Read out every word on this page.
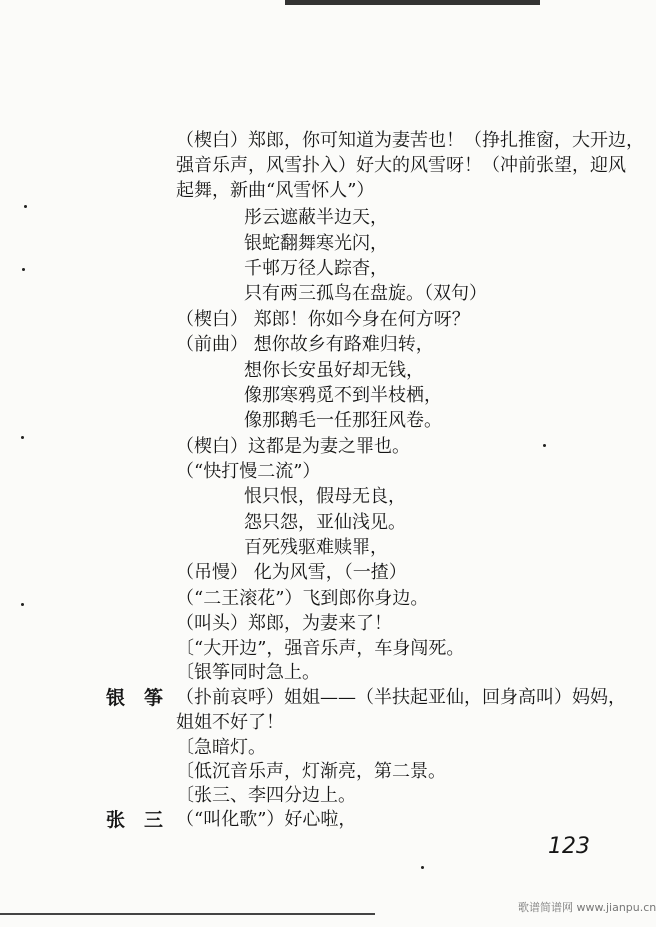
（楔白）郑郎，你可知道为妻苦也！（挣扎推窗，大开边，
强音乐声，风雪扑入）好大的风雪呀！（冲前张望，迎风
起舞，新曲“风雪怀人”）
彤云遮蔽半边天，
银蛇翻舞寒光闪，
千邨万径人踪杳，
只有两三孤鸟在盘旋。（双句）
（楔白） 郑郎！你如今身在何方呀？
（前曲） 想你故乡有路难归转，
想你长安虽好却无钱，
像那寒鸦觅不到半枝栖，
像那鹅毛一任那狂风卷。
（楔白）这都是为妻之罪也。
（“快打慢二流”）
恨只恨，假母无良，
怨只怨，亚仙浅见。
百死残驱难赎罪，
（吊慢） 化为风雪，（一揸）
（“二王滚花”）飞到郎你身边。
（叫头）郑郎，为妻来了！
〔“大开边”，强音乐声，车身闯死。
〔银筝同时急上。
银　筝 （扑前哀呼）姐姐——（半扶起亚仙，回身高叫）妈妈，
姐姐不好了！
〔急暗灯。
〔低沉音乐声，灯渐亮，第二景。
〔张三、李四分边上。
张　三 （“叫化歌”）好心啦，
123
歌谱简谱网 www.jianpu.cn
